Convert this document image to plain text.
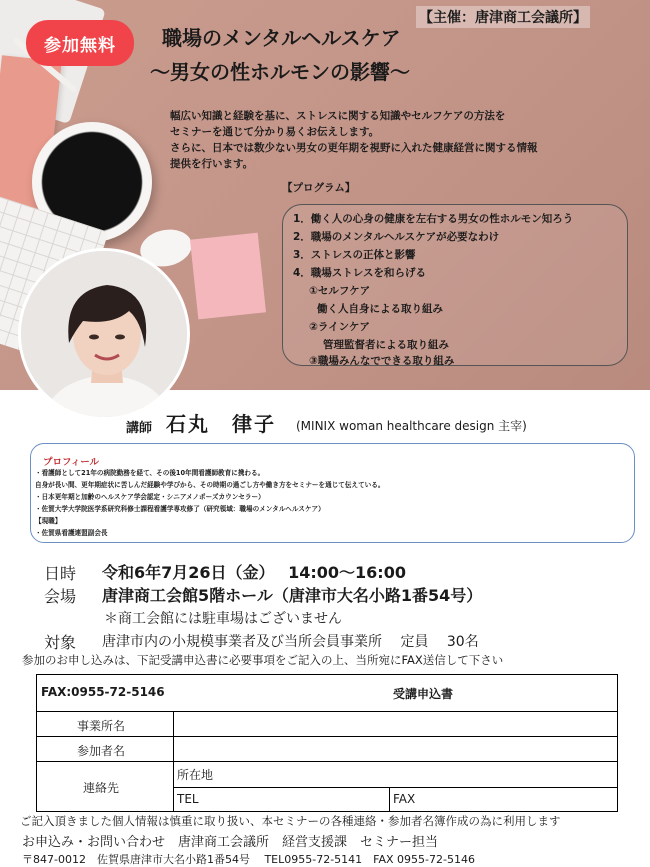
参加無料
【主催：唐津商工会議所】
職場のメンタルヘルスケア
～男女の性ホルモンの影響～
幅広い知識と経験を基に、ストレスに関する知識やセルフケアの方法を
セミナーを通じて分かり易くお伝えします。
さらに、日本では数少ない男女の更年期を視野に入れた健康経営に関する情報
提供を行います。
【プログラム】
1．働く人の心身の健康を左右する男女の性ホルモン知ろう
2．職場のメンタルヘルスケアが必要なわけ
3．ストレスの正体と影響
4．職場ストレスを和らげる
①セルフケア
働く人自身による取り組み
②ラインケア
管理監督者による取り組み
③職場みんなでできる取り組み
講師 石丸　律子 (MINIX woman healthcare design 主宰)
プロフィール
・看護師として21年の病院勤務を経て、その後10年間看護師教育に携わる。
自身が長い間、更年期症状に苦しんだ経験や学びから、その時期の過ごし方や働き方をセミナーを通じて伝えている。
・日本更年期と加齢のヘルスケア学会認定・シニアメノポーズカウンセラー）
・佐賀大学大学院医学系研究科修士課程看護学専攻修了（研究領域：職場のメンタルヘルスケア）
【現職】
・佐賀県看護連盟副会長
日時 令和6年7月26日（金）　 14:00～16:00
会場 唐津商工会館5階ホール（唐津市大名小路1番54号）
＊商工会館には駐車場はございません
対象 唐津市内の小規模事業者及び当所会員事業所　 定員　 30名
参加のお申し込みは、下記受講申込書に必要事項をご記入の上、当所宛にFAX送信して下さい
FAX:0955-72-5146	受講申込書
事業所名
参加者名
連絡先
所在地
TEL	FAX
ご記入頂きました個人情報は慎重に取り扱い、本セミナーの各種連絡・参加者名簿作成の為に利用します
お申込み・お問い合わせ　唐津商工会議所　経営支援課　セミナー担当
〒847-0012　佐賀県唐津市大名小路1番54号　 TEL0955-72-5141　FAX 0955-72-5146
